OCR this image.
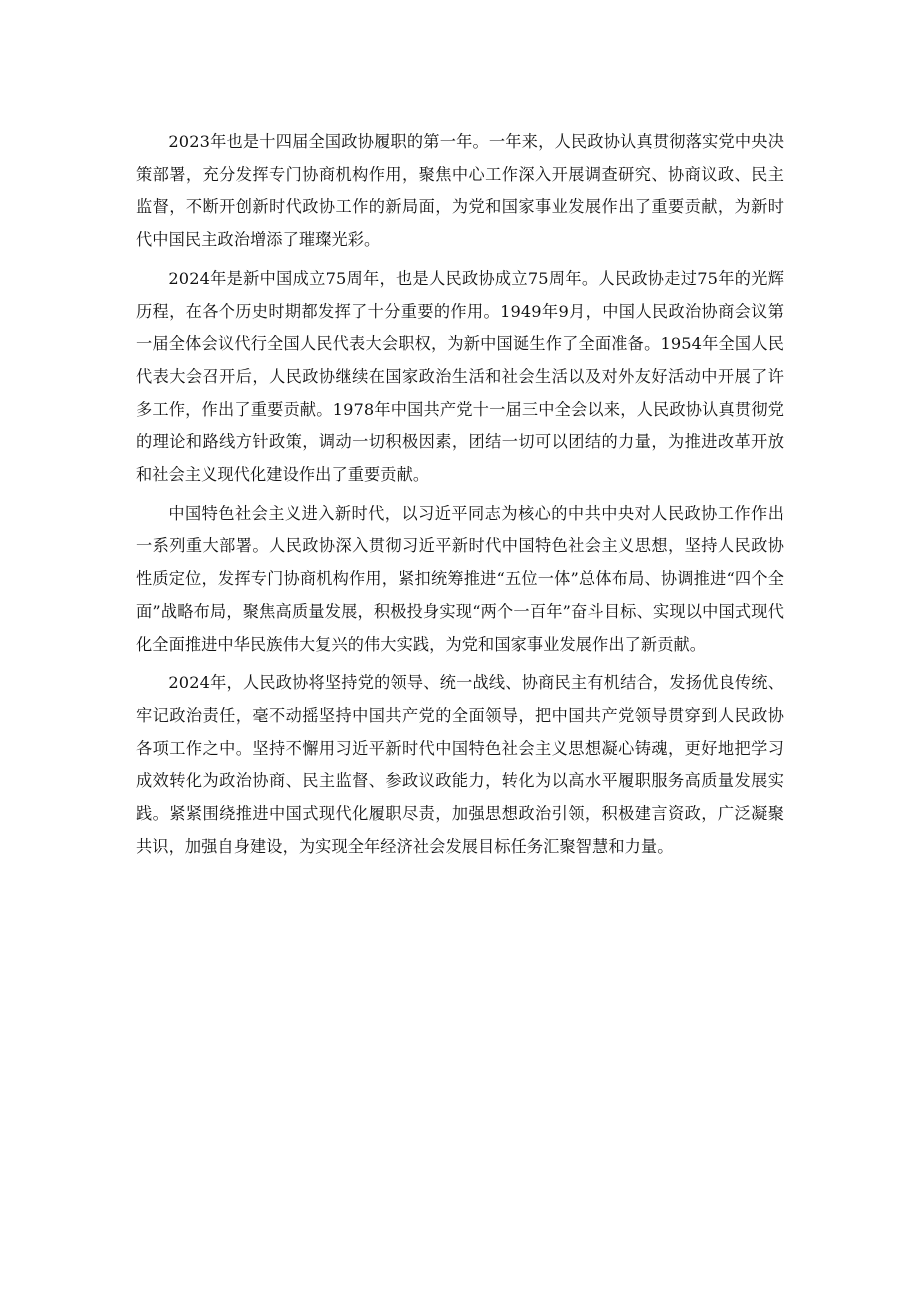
2023年也是十四届全国政协履职的第一年。一年来，人民政协认真贯彻落实党中央决策部署，充分发挥专门协商机构作用，聚焦中心工作深入开展调查研究、协商议政、民主监督，不断开创新时代政协工作的新局面，为党和国家事业发展作出了重要贡献，为新时代中国民主政治增添了璀璨光彩。

2024年是新中国成立75周年，也是人民政协成立75周年。人民政协走过75年的光辉历程，在各个历史时期都发挥了十分重要的作用。1949年9月，中国人民政治协商会议第一届全体会议代行全国人民代表大会职权，为新中国诞生作了全面准备。1954年全国人民代表大会召开后，人民政协继续在国家政治生活和社会生活以及对外友好活动中开展了许多工作，作出了重要贡献。1978年中国共产党十一届三中全会以来，人民政协认真贯彻党的理论和路线方针政策，调动一切积极因素，团结一切可以团结的力量，为推进改革开放和社会主义现代化建设作出了重要贡献。

中国特色社会主义进入新时代，以习近平同志为核心的中共中央对人民政协工作作出一系列重大部署。人民政协深入贯彻习近平新时代中国特色社会主义思想，坚持人民政协性质定位，发挥专门协商机构作用，紧扣统筹推进“五位一体”总体布局、协调推进“四个全面”战略布局，聚焦高质量发展，积极投身实现“两个一百年”奋斗目标、实现以中国式现代化全面推进中华民族伟大复兴的伟大实践，为党和国家事业发展作出了新贡献。

2024年，人民政协将坚持党的领导、统一战线、协商民主有机结合，发扬优良传统、牢记政治责任，毫不动摇坚持中国共产党的全面领导，把中国共产党领导贯穿到人民政协各项工作之中。坚持不懈用习近平新时代中国特色社会主义思想凝心铸魂，更好地把学习成效转化为政治协商、民主监督、参政议政能力，转化为以高水平履职服务高质量发展实践。紧紧围绕推进中国式现代化履职尽责，加强思想政治引领，积极建言资政，广泛凝聚共识，加强自身建设，为实现全年经济社会发展目标任务汇聚智慧和力量。
